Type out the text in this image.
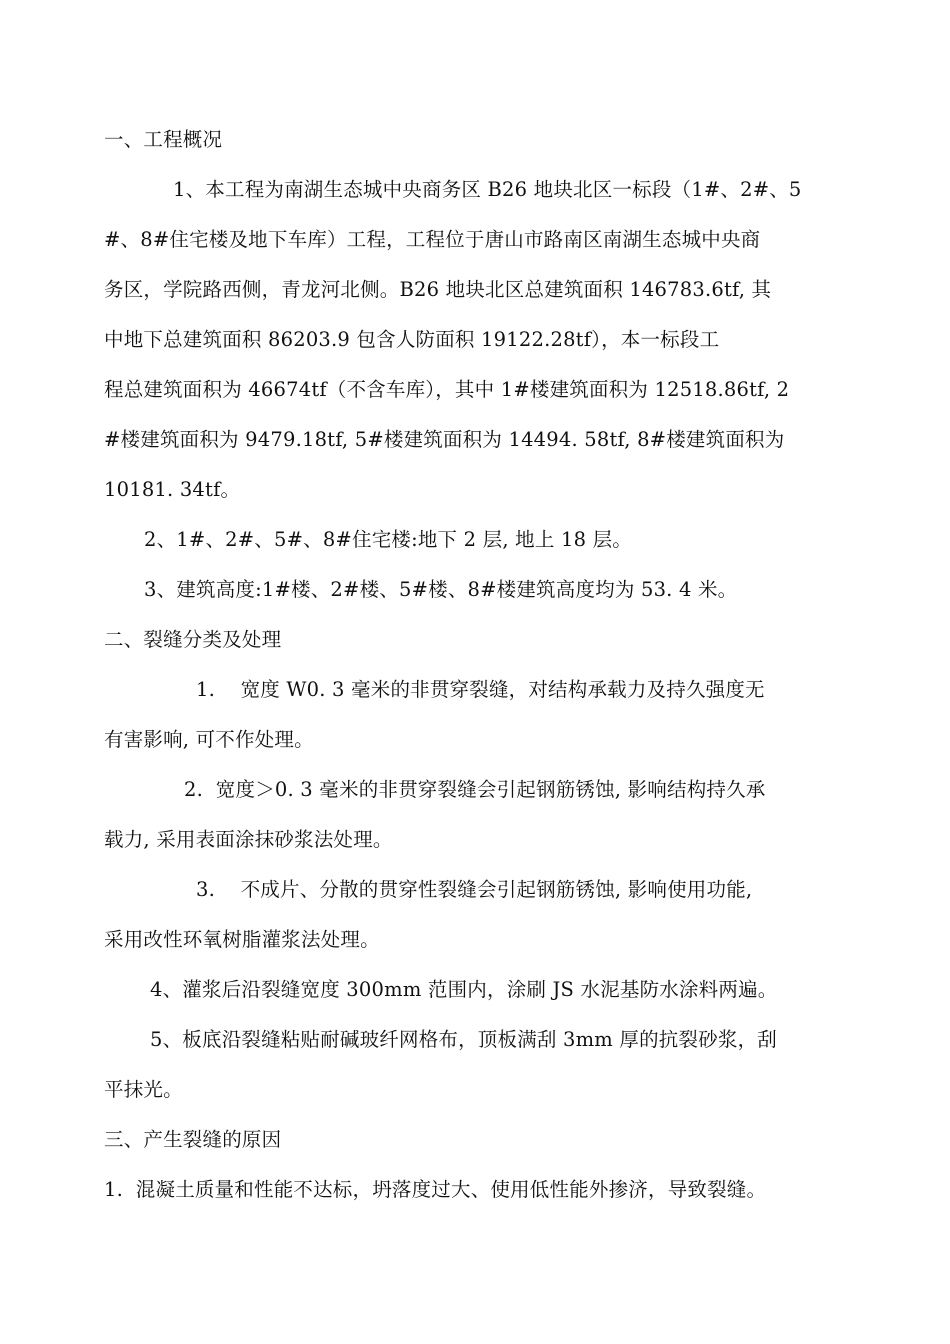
一、工程概况
1、本工程为南湖生态城中央商务区 B26 地块北区一标段（1#、2#、5
#、8#住宅楼及地下车库）工程，工程位于唐山市路南区南湖生态城中央商
务区，学院路西侧，青龙河北侧。B26 地块北区总建筑面积 146783.6tf, 其
中地下总建筑面积 86203.9 包含人防面积 19122.28tf），本一标段工
程总建筑面积为 46674tf（不含车库），其中 1#楼建筑面积为 12518.86tf, 2
#楼建筑面积为 9479.18tf, 5#楼建筑面积为 14494. 58tf, 8#楼建筑面积为
10181. 34tf。
2、1#、2#、5#、8#住宅楼:地下 2 层, 地上 18 层。
3、建筑高度:1#楼、2#楼、5#楼、8#楼建筑高度均为 53. 4 米。
二、裂缝分类及处理
1.    宽度 W0. 3 毫米的非贯穿裂缝，对结构承载力及持久强度无
有害影响, 可不作处理。
2.  宽度＞0. 3 毫米的非贯穿裂缝会引起钢筋锈蚀, 影响结构持久承
载力, 采用表面涂抹砂浆法处理。
3.    不成片、分散的贯穿性裂缝会引起钢筋锈蚀, 影响使用功能,
采用改性环氧树脂灌浆法处理。
4、灌浆后沿裂缝宽度 300mm 范围内，涂刷 JS 水泥基防水涂料两遍。
5、板底沿裂缝粘贴耐碱玻纤网格布，顶板满刮 3mm 厚的抗裂砂浆，刮
平抹光。
三、产生裂缝的原因
1.  混凝土质量和性能不达标，坍落度过大、使用低性能外掺济，导致裂缝。
